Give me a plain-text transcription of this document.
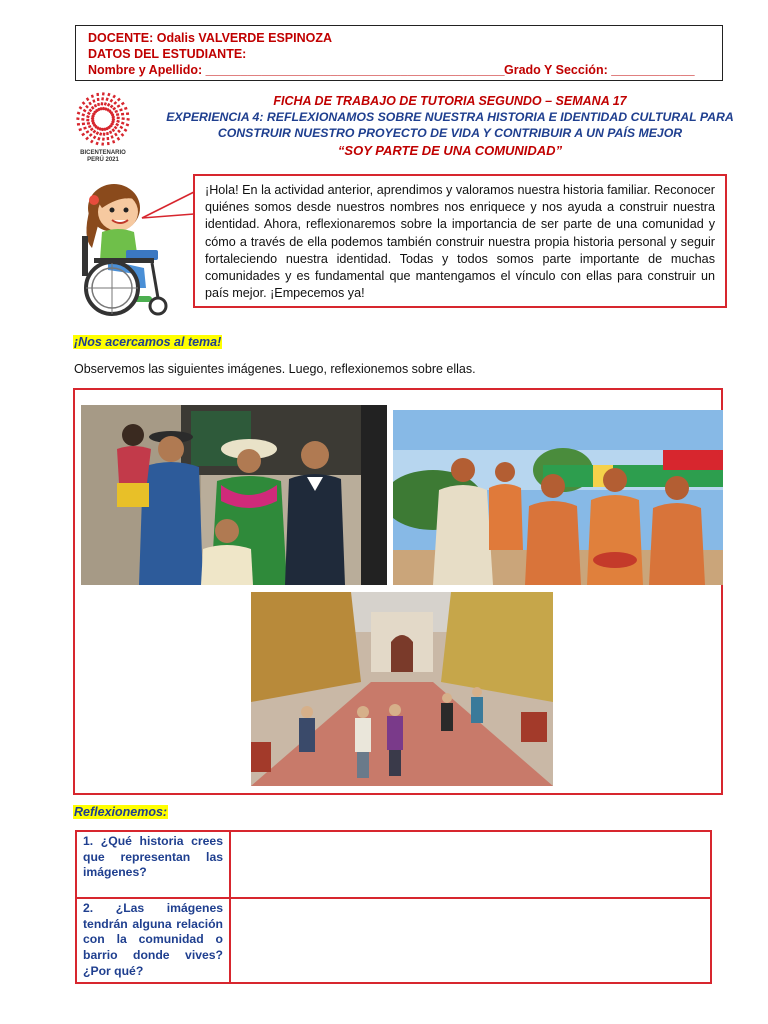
DOCENTE: Odalis VALVERDE ESPINOZA
DATOS DEL ESTUDIANTE:
Nombre y Apellido: ___________________________________________ Grado Y Sección: ____________
BICENTENARIO
PERÚ 2021
FICHA DE TRABAJO DE TUTORIA SEGUNDO – SEMANA 17
EXPERIENCIA 4: REFLEXIONAMOS SOBRE NUESTRA HISTORIA E IDENTIDAD CULTURAL PARA
CONSTRUIR NUESTRO PROYECTO DE VIDA Y CONTRIBUIR A UN PAÍS MEJOR
“SOY PARTE DE UNA COMUNIDAD”
¡Hola! En la actividad anterior, aprendimos y valoramos nuestra historia familiar. Reconocer quiénes somos desde nuestros nombres nos enriquece y nos ayuda a construir nuestra identidad. Ahora, reflexionaremos sobre la importancia de ser parte de una comunidad y cómo a través de ella podemos también construir nuestra propia historia personal y seguir fortaleciendo nuestra identidad. Todas y todos somos parte importante de muchas comunidades y es fundamental que mantengamos el vínculo con ellas para construir un país mejor. ¡Empecemos ya!
¡Nos acercamos al tema!
Observemos las siguientes imágenes. Luego, reflexionemos sobre ellas.
Reflexionemos:
1. ¿Qué historia crees que representan las imágenes?	
2. ¿Las imágenes tendrán alguna relación con la comunidad o barrio donde vives? ¿Por qué?	
